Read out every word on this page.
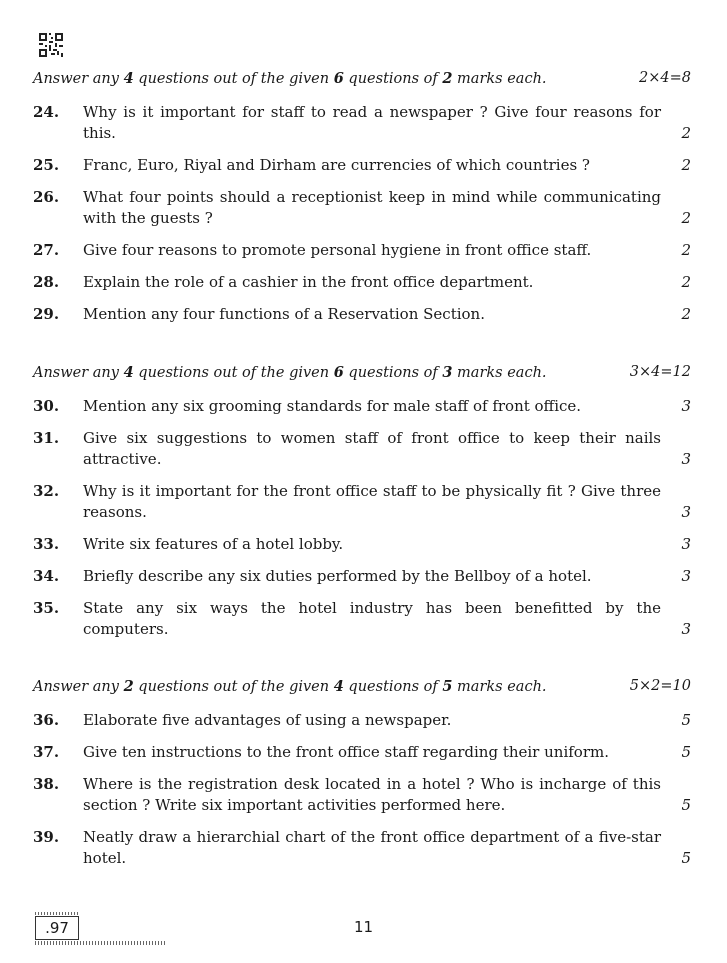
Answer any 4 questions out of the given 6 questions of 2 marks each.	2×4=8
24. Why is it important for staff to read a newspaper ? Give four reasons for this.	2
25. Franc, Euro, Riyal and Dirham are currencies of which countries ?	2
26. What four points should a receptionist keep in mind while communicating with the guests ?	2
27. Give four reasons to promote personal hygiene in front office staff.	2
28. Explain the role of a cashier in the front office department.	2
29. Mention any four functions of a Reservation Section.	2
Answer any 4 questions out of the given 6 questions of 3 marks each.	3×4=12
30. Mention any six grooming standards for male staff of front office.	3
31. Give six suggestions to women staff of front office to keep their nails attractive.	3
32. Why is it important for the front office staff to be physically fit ? Give three reasons.	3
33. Write six features of a hotel lobby.	3
34. Briefly describe any six duties performed by the Bellboy of a hotel.	3
35. State any six ways the hotel industry has been benefitted by the computers.	3
Answer any 2 questions out of the given 4 questions of 5 marks each.	5×2=10
36. Elaborate five advantages of using a newspaper.	5
37. Give ten instructions to the front office staff regarding their uniform.	5
38. Where is the registration desk located in a hotel ? Who is incharge of this section ? Write six important activities performed here.	5
39. Neatly draw a hierarchial chart of the front office department of a five-star hotel.	5
.97	11
